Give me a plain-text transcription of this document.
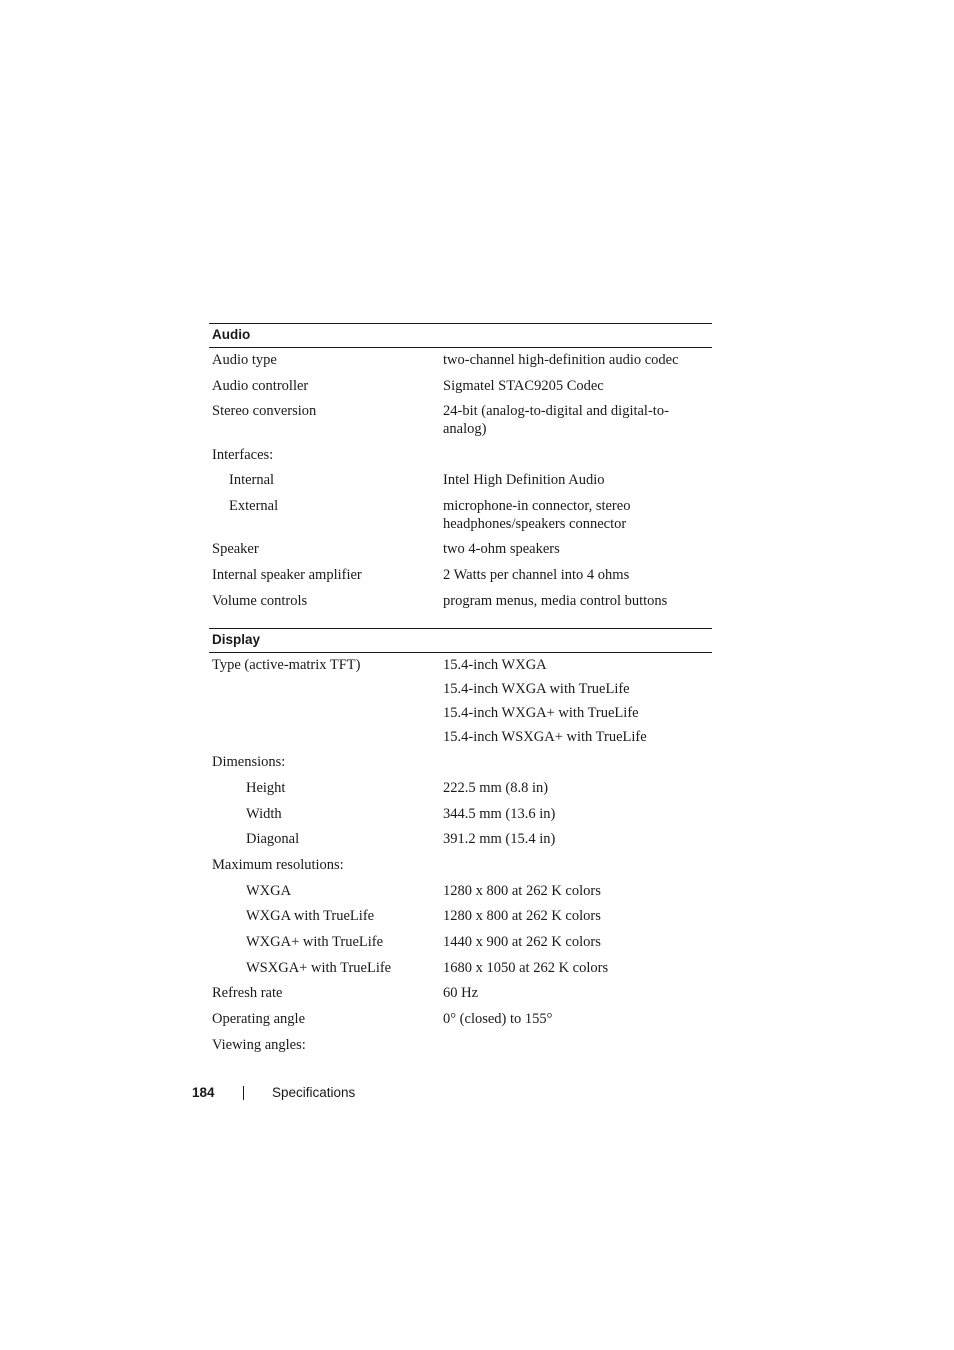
Audio
Audio type	two-channel high-definition audio codec
Audio controller	Sigmatel STAC9205 Codec
Stereo conversion	24-bit (analog-to-digital and digital-to-analog)
Interfaces:
Internal	Intel High Definition Audio
External	microphone-in connector, stereo headphones/speakers connector
Speaker	two 4-ohm speakers
Internal speaker amplifier	2 Watts per channel into 4 ohms
Volume controls	program menus, media control buttons
Display
Type (active-matrix TFT)	15.4-inch WXGA
15.4-inch WXGA with TrueLife
15.4-inch WXGA+ with TrueLife
15.4-inch WSXGA+ with TrueLife
Dimensions:
Height	222.5 mm (8.8 in)
Width	344.5 mm (13.6 in)
Diagonal	391.2 mm (15.4 in)
Maximum resolutions:
WXGA	1280 x 800 at 262 K colors
WXGA with TrueLife	1280 x 800 at 262 K colors
WXGA+ with TrueLife	1440 x 900 at 262 K colors
WSXGA+ with TrueLife	1680 x 1050 at 262 K colors
Refresh rate	60 Hz
Operating angle	0° (closed) to 155°
Viewing angles:
184	Specifications
